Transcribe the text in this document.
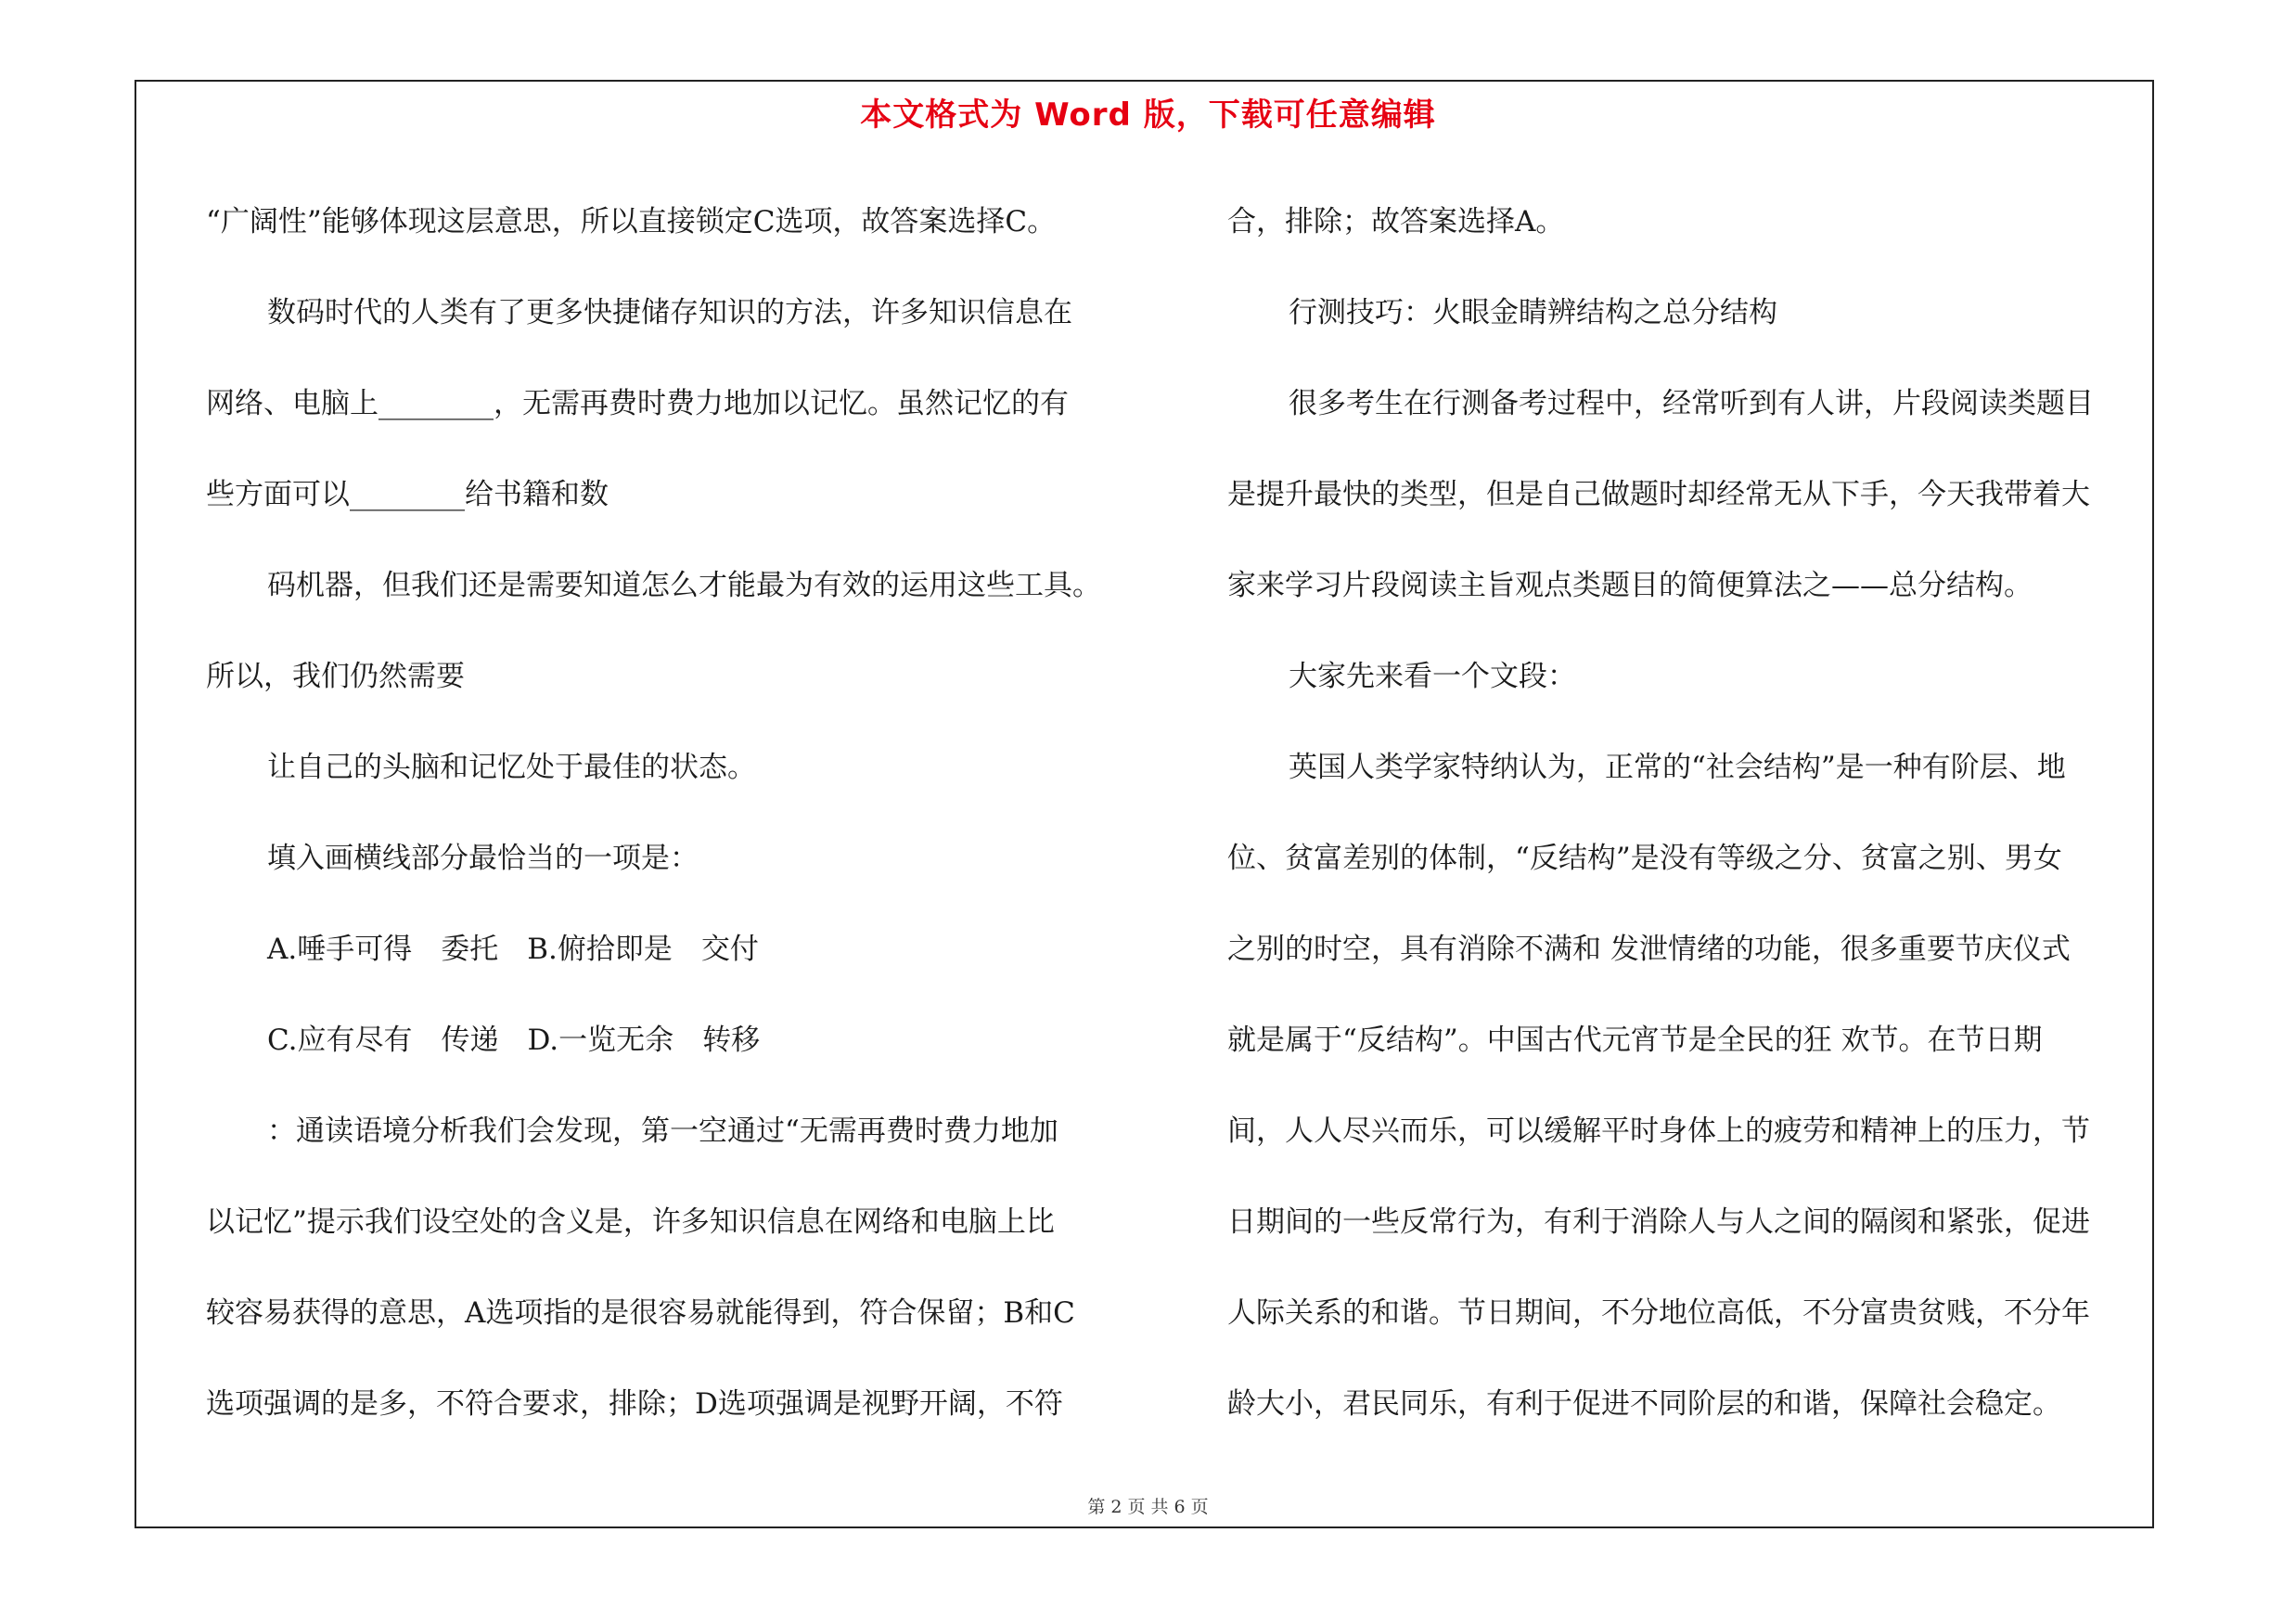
本文格式为 Word 版，下载可任意编辑
“广阔性”能够体现这层意思，所以直接锁定C选项，故答案选择C。
数码时代的人类有了更多快捷储存知识的方法，许多知识信息在
网络、电脑上________，无需再费时费力地加以记忆。虽然记忆的有
些方面可以________给书籍和数
码机器，但我们还是需要知道怎么才能最为有效的运用这些工具。
所以，我们仍然需要
让自己的头脑和记忆处于最佳的状态。
填入画横线部分最恰当的一项是：
A.唾手可得　委托　B.俯拾即是　交付
C.应有尽有　传递　D.一览无余　转移
：通读语境分析我们会发现，第一空通过“无需再费时费力地加
以记忆”提示我们设空处的含义是，许多知识信息在网络和电脑上比
较容易获得的意思，A选项指的是很容易就能得到，符合保留；B和C
选项强调的是多，不符合要求，排除；D选项强调是视野开阔，不符
合，排除；故答案选择A。
行测技巧：火眼金睛辨结构之总分结构
很多考生在行测备考过程中，经常听到有人讲，片段阅读类题目
是提升最快的类型，但是自己做题时却经常无从下手，今天我带着大
家来学习片段阅读主旨观点类题目的简便算法之——总分结构。
大家先来看一个文段：
英国人类学家特纳认为，正常的“社会结构”是一种有阶层、地
位、贫富差别的体制，“反结构”是没有等级之分、贫富之别、男女
之别的时空，具有消除不满和 发泄情绪的功能，很多重要节庆仪式
就是属于“反结构”。中国古代元宵节是全民的狂 欢节。在节日期
间，人人尽兴而乐，可以缓解平时身体上的疲劳和精神上的压力，节
日期间的一些反常行为，有利于消除人与人之间的隔阂和紧张，促进
人际关系的和谐。节日期间，不分地位高低，不分富贵贫贱，不分年
龄大小，君民同乐，有利于促进不同阶层的和谐，保障社会稳定。
第 2 页 共 6 页
